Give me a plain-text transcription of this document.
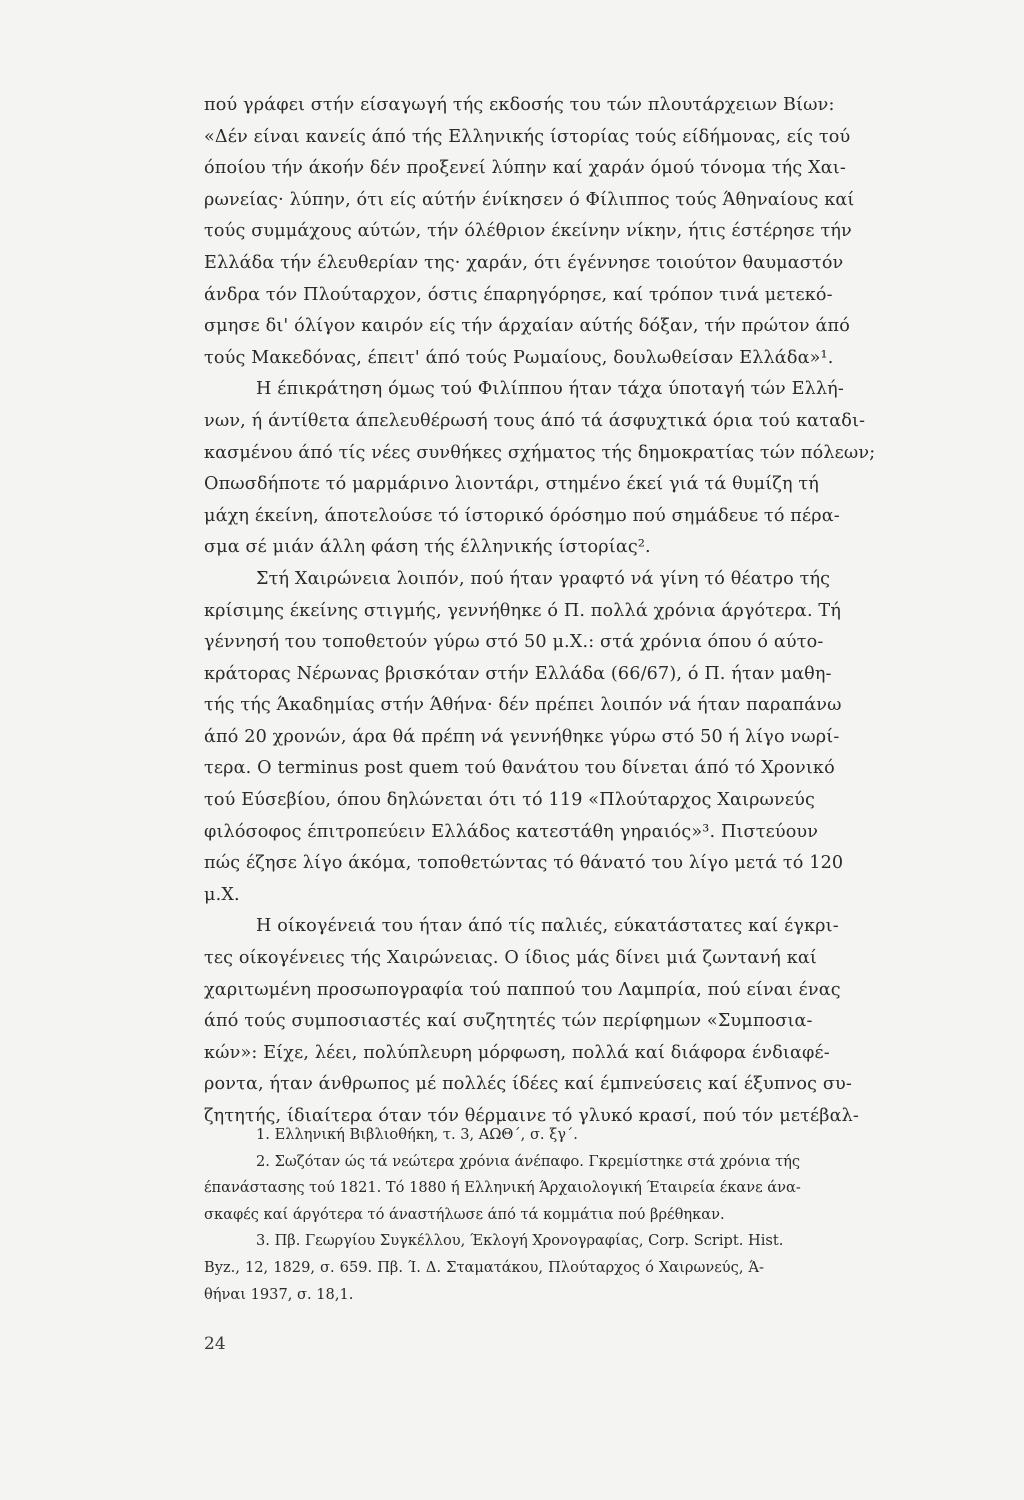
πού γράφει στήν είσαγωγή τής εκδοσής του τών πλουτάρχειων Βίων:
«Δέν είναι κανείς άπό τής Ελληνικής ίστορίας τούς είδήμονας, είς τού
όποίου τήν άκοήν δέν προξενεί λύπην καί χαράν όμού τόνομα τής Χαι-
ρωνείας· λύπην, ότι είς αύτήν ένίκησεν ό Φίλιππος τούς Άθηναίους καί
τούς συμμάχους αύτών, τήν όλέθριον έκείνην νίκην, ήτις έστέρησε τήν
Ελλάδα τήν έλευθερίαν της· χαράν, ότι έγέννησε τοιούτον θαυμαστόν
άνδρα τόν Πλούταρχον, όστις έπαρηγόρησε, καί τρόπον τινά μετεκό-
σμησε δι' όλίγον καιρόν είς τήν άρχαίαν αύτής δόξαν, τήν πρώτον άπό
τούς Μακεδόνας, έπειτ' άπό τούς Ρωμαίους, δουλωθείσαν Ελλάδα»¹.
Η έπικράτηση όμως τού Φιλίππου ήταν τάχα ύποταγή τών Ελλή-
νων, ή άντίθετα άπελευθέρωσή τους άπό τά άσφυχτικά όρια τού καταδι-
κασμένου άπό τίς νέες συνθήκες σχήματος τής δημοκρατίας τών πόλεων;
Οπωσδήποτε τό μαρμάρινο λιοντάρι, στημένο έκεί γιά τά θυμίζη τή
μάχη έκείνη, άποτελούσε τό ίστορικό όρόσημο πού σημάδευε τό πέρα-
σμα σέ μιάν άλλη φάση τής έλληνικής ίστορίας².
Στή Χαιρώνεια λοιπόν, πού ήταν γραφτό νά γίνη τό θέατρο τής
κρίσιμης έκείνης στιγμής, γεννήθηκε ό Π. πολλά χρόνια άργότερα. Τή
γέννησή του τοποθετούν γύρω στό 50 μ.Χ.: στά χρόνια όπου ό αύτο-
κράτορας Νέρωνας βρισκόταν στήν Ελλάδα (66/67), ό Π. ήταν μαθη-
τής τής Άκαδημίας στήν Άθήνα· δέν πρέπει λοιπόν νά ήταν παραπάνω
άπό 20 χρονών, άρα θά πρέπη νά γεννήθηκε γύρω στό 50 ή λίγο νωρί-
τερα. Ο terminus post quem τού θανάτου του δίνεται άπό τό Χρονικό
τού Εύσεβίου, όπου δηλώνεται ότι τό 119 «Πλούταρχος Χαιρωνεύς
φιλόσοφος έπιτροπεύειν Ελλάδος κατεστάθη γηραιός»³. Πιστεύουν
πώς έζησε λίγο άκόμα, τοποθετώντας τό θάνατό του λίγο μετά τό 120
μ.Χ.
Η οίκογένειά του ήταν άπό τίς παλιές, εύκατάστατες καί έγκρι-
τες οίκογένειες τής Χαιρώνειας. Ο ίδιος μάς δίνει μιά ζωντανή καί
χαριτωμένη προσωπογραφία τού παππού του Λαμπρία, πού είναι ένας
άπό τούς συμποσιαστές καί συζητητές τών περίφημων «Συμποσια-
κών»: Είχε, λέει, πολύπλευρη μόρφωση, πολλά καί διάφορα ένδιαφέ-
ροντα, ήταν άνθρωπος μέ πολλές ίδέες καί έμπνεύσεις καί έξυπνος συ-
ζητητής, ίδιαίτερα όταν τόν θέρμαινε τό γλυκό κρασί, πού τόν μετέβαλ-
1. Ελληνική Βιβλιοθήκη, τ. 3, ΑΩΘ΄, σ. ξγ΄.
2. Σωζόταν ώς τά νεώτερα χρόνια άνέπαφο. Γκρεμίστηκε στά χρόνια τής
έπανάστασης τού 1821. Τό 1880 ή Ελληνική Άρχαιολογική Έταιρεία έκανε άνα-
σκαφές καί άργότερα τό άναστήλωσε άπό τά κομμάτια πού βρέθηκαν.
3. Πβ. Γεωργίου Συγκέλλου, Έκλογή Χρονογραφίας, Corp. Script. Hist.
Byz., 12, 1829, σ. 659. Πβ. Ί. Δ. Σταματάκου, Πλούταρχος ό Χαιρωνεύς, Ά-
θήναι 1937, σ. 18,1.
24
